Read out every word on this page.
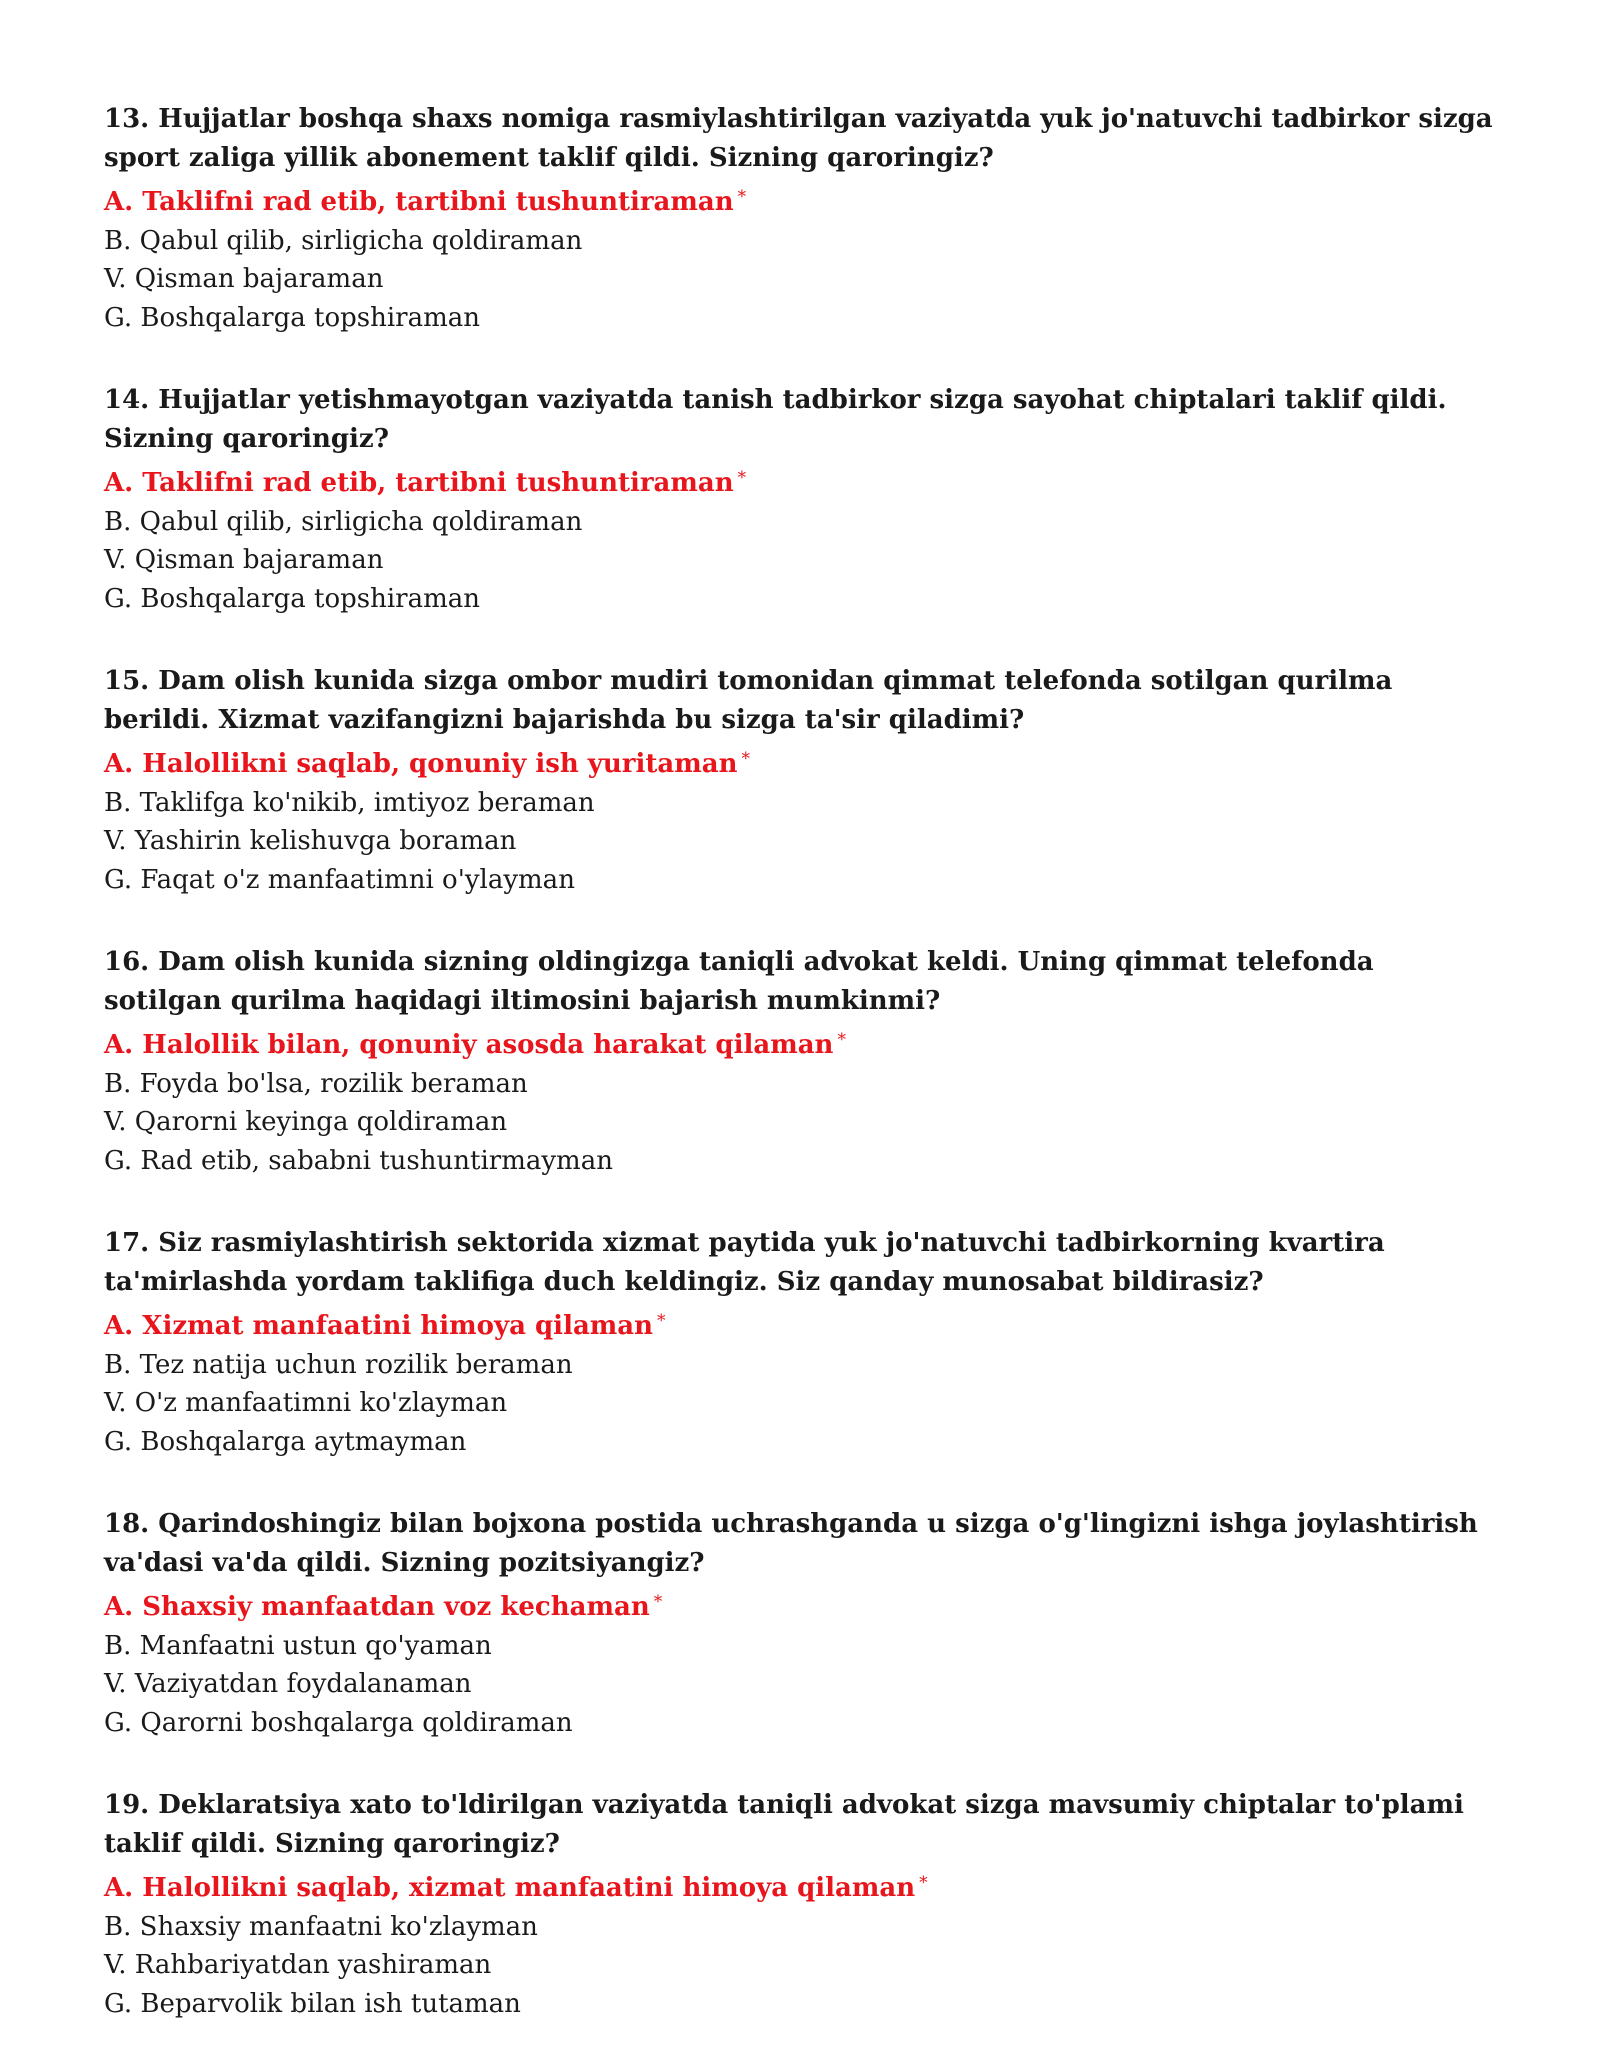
13. Hujjatlar boshqa shaxs nomiga rasmiylashtirilgan vaziyatda yuk jo'natuvchi tadbirkor sizga sport zaliga yillik abonement taklif qildi. Sizning qaroringiz?

A. Taklifni rad etib, tartibni tushuntiraman *
B. Qabul qilib, sirligicha qoldiraman
V. Qisman bajaraman
G. Boshqalarga topshiraman

14. Hujjatlar yetishmayotgan vaziyatda tanish tadbirkor sizga sayohat chiptalari taklif qildi. Sizning qaroringiz?

A. Taklifni rad etib, tartibni tushuntiraman *
B. Qabul qilib, sirligicha qoldiraman
V. Qisman bajaraman
G. Boshqalarga topshiraman

15. Dam olish kunida sizga ombor mudiri tomonidan qimmat telefonda sotilgan qurilma berildi. Xizmat vazifangizni bajarishda bu sizga ta'sir qiladimi?

A. Halollikni saqlab, qonuniy ish yuritaman *
B. Taklifga ko'nikib, imtiyoz beraman
V. Yashirin kelishuvga boraman
G. Faqat o'z manfaatimni o'ylayman

16. Dam olish kunida sizning oldingizga taniqli advokat keldi. Uning qimmat telefonda sotilgan qurilma haqidagi iltimosini bajarish mumkinmi?

A. Halollik bilan, qonuniy asosda harakat qilaman *
B. Foyda bo'lsa, rozilik beraman
V. Qarorni keyinga qoldiraman
G. Rad etib, sababni tushuntirmayman

17. Siz rasmiylashtirish sektorida xizmat paytida yuk jo'natuvchi tadbirkorning kvartira ta'mirlashda yordam taklifiga duch keldingiz. Siz qanday munosabat bildirasiz?

A. Xizmat manfaatini himoya qilaman *
B. Tez natija uchun rozilik beraman
V. O'z manfaatimni ko'zlayman
G. Boshqalarga aytmayman

18. Qarindoshingiz bilan bojxona postida uchrashganda u sizga o'g'lingizni ishga joylashtirish va'dasi va'da qildi. Sizning pozitsiyangiz?

A. Shaxsiy manfaatdan voz kechaman *
B. Manfaatni ustun qo'yaman
V. Vaziyatdan foydalanaman
G. Qarorni boshqalarga qoldiraman

19. Deklaratsiya xato to'ldirilgan vaziyatda taniqli advokat sizga mavsumiy chiptalar to'plami taklif qildi. Sizning qaroringiz?

A. Halollikni saqlab, xizmat manfaatini himoya qilaman *
B. Shaxsiy manfaatni ko'zlayman
V. Rahbariyatdan yashiraman
G. Beparvolik bilan ish tutaman
